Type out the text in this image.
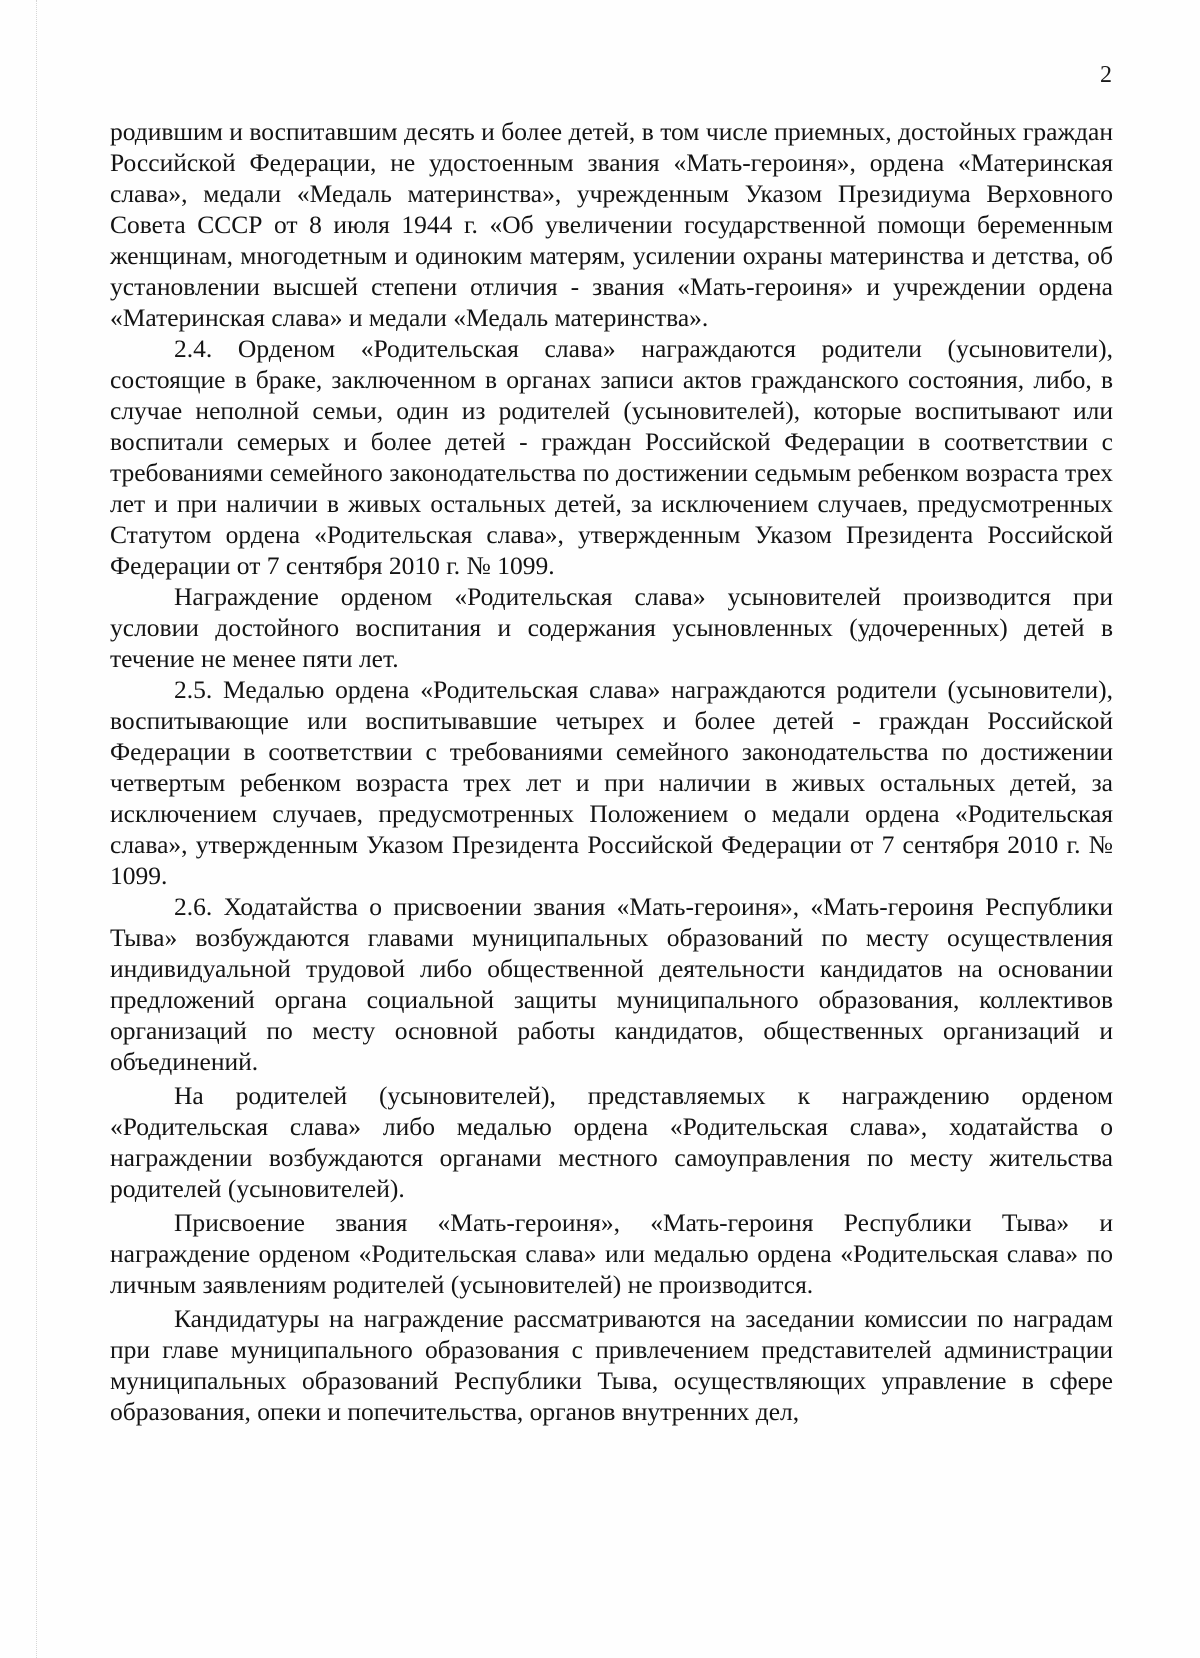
2

родившим и воспитавшим десять и более детей, в том числе приемных, достойных граждан Российской Федерации, не удостоенным звания «Мать-героиня», ордена «Материнская слава», медали «Медаль материнства», учрежденным Указом Президиума Верховного Совета СССР от 8 июля 1944 г. «Об увеличении государственной помощи беременным женщинам, многодетным и одиноким матерям, усилении охраны материнства и детства, об установлении высшей степени отличия - звания «Мать-героиня» и учреждении ордена «Материнская слава» и медали «Медаль материнства».

2.4. Орденом «Родительская слава» награждаются родители (усыновители), состоящие в браке, заключенном в органах записи актов гражданского состояния, либо, в случае неполной семьи, один из родителей (усыновителей), которые воспитывают или воспитали семерых и более детей - граждан Российской Федерации в соответствии с требованиями семейного законодательства по достижении седьмым ребенком возраста трех лет и при наличии в живых остальных детей, за исключением случаев, предусмотренных Статутом ордена «Родительская слава», утвержденным Указом Президента Российской Федерации от 7 сентября 2010 г. № 1099.

Награждение орденом «Родительская слава» усыновителей производится при условии достойного воспитания и содержания усыновленных (удочеренных) детей в течение не менее пяти лет.

2.5. Медалью ордена «Родительская слава» награждаются родители (усыновители), воспитывающие или воспитывавшие четырех и более детей - граждан Российской Федерации в соответствии с требованиями семейного законодательства по достижении четвертым ребенком возраста трех лет и при наличии в живых остальных детей, за исключением случаев, предусмотренных Положением о медали ордена «Родительская слава», утвержденным Указом Президента Российской Федерации от 7 сентября 2010 г. № 1099.

2.6. Ходатайства о присвоении звания «Мать-героиня», «Мать-героиня Республики Тыва» возбуждаются главами муниципальных образований по месту осуществления индивидуальной трудовой либо общественной деятельности кандидатов на основании предложений органа социальной защиты муниципального образования, коллективов организаций по месту основной работы кандидатов, общественных организаций и объединений.

На родителей (усыновителей), представляемых к награждению орденом «Родительская слава» либо медалью ордена «Родительская слава», ходатайства о награждении возбуждаются органами местного самоуправления по месту жительства родителей (усыновителей).

Присвоение звания «Мать-героиня», «Мать-героиня Республики Тыва» и награждение орденом «Родительская слава» или медалью ордена «Родительская слава» по личным заявлениям родителей (усыновителей) не производится.

Кандидатуры на награждение рассматриваются на заседании комиссии по наградам при главе муниципального образования с привлечением представителей администрации муниципальных образований Республики Тыва, осуществляющих управление в сфере образования, опеки и попечительства, органов внутренних дел,
